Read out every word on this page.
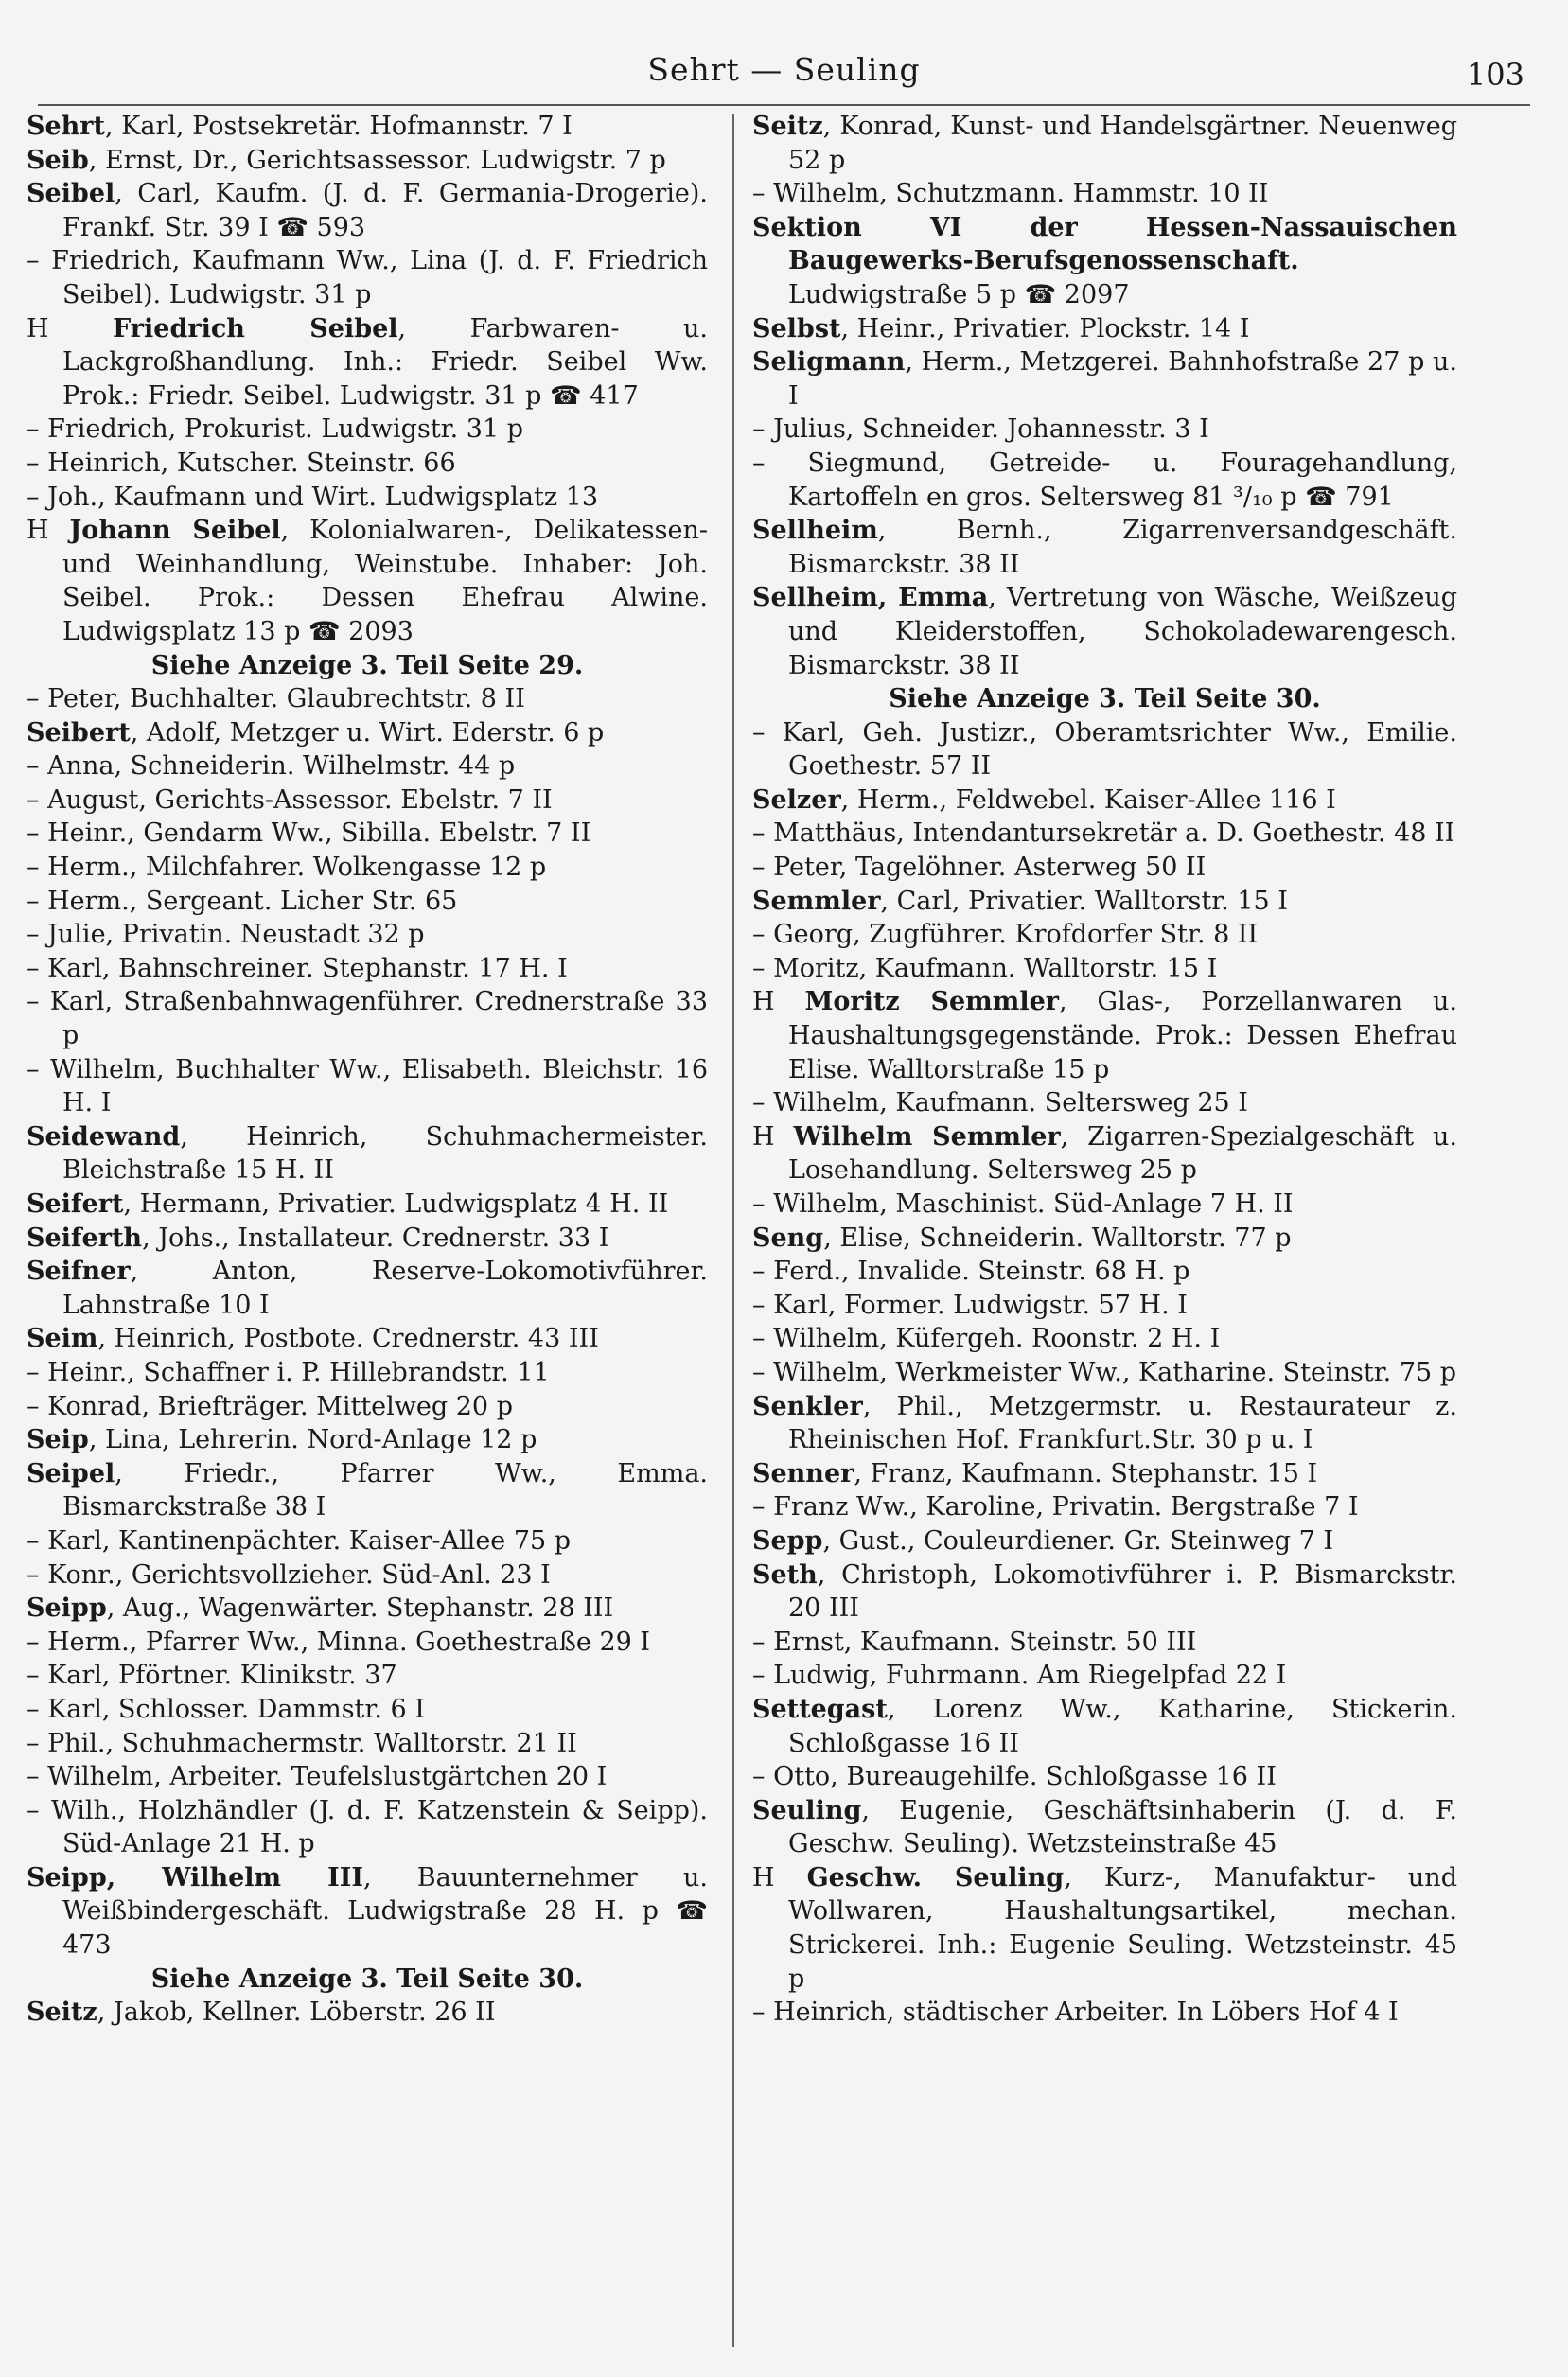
Sehrt — Seuling	103

Sehrt, Karl, Postsekretär. Hofmannstr. 7 I

Seib, Ernst, Dr., Gerichtsassessor. Ludwigstr. 7 p

Seibel, Carl, Kaufm. (J. d. F. Germania-Drogerie). Frankf. Str. 39 I ☎ 593

– Friedrich, Kaufmann Ww., Lina (J. d. F. Friedrich Seibel). Ludwigstr. 31 p

H Friedrich Seibel, Farbwaren- u. Lackgroßhandlung. Inh.: Friedr. Seibel Ww. Prok.: Friedr. Seibel. Ludwigstr. 31 p ☎ 417

– Friedrich, Prokurist. Ludwigstr. 31 p

– Heinrich, Kutscher. Steinstr. 66

– Joh., Kaufmann und Wirt. Ludwigsplatz 13

H Johann Seibel, Kolonialwaren-, Delikatessen- und Weinhandlung, Weinstube. Inhaber: Joh. Seibel. Prok.: Dessen Ehefrau Alwine. Ludwigsplatz 13 p ☎ 2093

Siehe Anzeige 3. Teil Seite 29.

– Peter, Buchhalter. Glaubrechtstr. 8 II

Seibert, Adolf, Metzger u. Wirt. Ederstr. 6 p

– Anna, Schneiderin. Wilhelmstr. 44 p

– August, Gerichts-Assessor. Ebelstr. 7 II

– Heinr., Gendarm Ww., Sibilla. Ebelstr. 7 II

– Herm., Milchfahrer. Wolkengasse 12 p

– Herm., Sergeant. Licher Str. 65

– Julie, Privatin. Neustadt 32 p

– Karl, Bahnschreiner. Stephanstr. 17 H. I

– Karl, Straßenbahnwagenführer. Crednerstraße 33 p

– Wilhelm, Buchhalter Ww., Elisabeth. Bleichstr. 16 H. I

Seidewand, Heinrich, Schuhmachermeister. Bleichstraße 15 H. II

Seifert, Hermann, Privatier. Ludwigsplatz 4 H. II

Seiferth, Johs., Installateur. Crednerstr. 33 I

Seifner, Anton, Reserve-Lokomotivführer. Lahnstraße 10 I

Seim, Heinrich, Postbote. Crednerstr. 43 III

– Heinr., Schaffner i. P. Hillebrandstr. 11

– Konrad, Briefträger. Mittelweg 20 p

Seip, Lina, Lehrerin. Nord-Anlage 12 p

Seipel, Friedr., Pfarrer Ww., Emma. Bismarckstraße 38 I

– Karl, Kantinenpächter. Kaiser-Allee 75 p

– Konr., Gerichtsvollzieher. Süd-Anl. 23 I

Seipp, Aug., Wagenwärter. Stephanstr. 28 III

– Herm., Pfarrer Ww., Minna. Goethestraße 29 I

– Karl, Pförtner. Klinikstr. 37

– Karl, Schlosser. Dammstr. 6 I

– Phil., Schuhmachermstr. Walltorstr. 21 II

– Wilhelm, Arbeiter. Teufelslustgärtchen 20 I

– Wilh., Holzhändler (J. d. F. Katzenstein & Seipp). Süd-Anlage 21 H. p

Seipp, Wilhelm III, Bauunternehmer u. Weißbindergeschäft. Ludwigstraße 28 H. p ☎ 473

Siehe Anzeige 3. Teil Seite 30.

Seitz, Jakob, Kellner. Löberstr. 26 II

Seitz, Konrad, Kunst- und Handelsgärtner. Neuenweg 52 p

– Wilhelm, Schutzmann. Hammstr. 10 II

Sektion VI der Hessen-Nassauischen Baugewerks-Berufsgenossenschaft. Ludwigstraße 5 p ☎ 2097

Selbst, Heinr., Privatier. Plockstr. 14 I

Seligmann, Herm., Metzgerei. Bahnhofstraße 27 p u. I

– Julius, Schneider. Johannesstr. 3 I

– Siegmund, Getreide- u. Fouragehandlung, Kartoffeln en gros. Seltersweg 81 ³/₁₀ p ☎ 791

Sellheim, Bernh., Zigarrenversandgeschäft. Bismarckstr. 38 II

Sellheim, Emma, Vertretung von Wäsche, Weißzeug und Kleiderstoffen, Schokoladewarengesch. Bismarckstr. 38 II

Siehe Anzeige 3. Teil Seite 30.

– Karl, Geh. Justizr., Oberamtsrichter Ww., Emilie. Goethestr. 57 II

Selzer, Herm., Feldwebel. Kaiser-Allee 116 I

– Matthäus, Intendantursekretär a. D. Goethestr. 48 II

– Peter, Tagelöhner. Asterweg 50 II

Semmler, Carl, Privatier. Walltorstr. 15 I

– Georg, Zugführer. Krofdorfer Str. 8 II

– Moritz, Kaufmann. Walltorstr. 15 I

H Moritz Semmler, Glas-, Porzellanwaren u. Haushaltungsgegenstände. Prok.: Dessen Ehefrau Elise. Walltorstraße 15 p

– Wilhelm, Kaufmann. Seltersweg 25 I

H Wilhelm Semmler, Zigarren-Spezialgeschäft u. Losehandlung. Seltersweg 25 p

– Wilhelm, Maschinist. Süd-Anlage 7 H. II

Seng, Elise, Schneiderin. Walltorstr. 77 p

– Ferd., Invalide. Steinstr. 68 H. p

– Karl, Former. Ludwigstr. 57 H. I

– Wilhelm, Küfergeh. Roonstr. 2 H. I

– Wilhelm, Werkmeister Ww., Katharine. Steinstr. 75 p

Senkler, Phil., Metzgermstr. u. Restaurateur z. Rheinischen Hof. Frankfurt.Str. 30 p u. I

Senner, Franz, Kaufmann. Stephanstr. 15 I

– Franz Ww., Karoline, Privatin. Bergstraße 7 I

Sepp, Gust., Couleurdiener. Gr. Steinweg 7 I

Seth, Christoph, Lokomotivführer i. P. Bismarckstr. 20 III

– Ernst, Kaufmann. Steinstr. 50 III

– Ludwig, Fuhrmann. Am Riegelpfad 22 I

Settegast, Lorenz Ww., Katharine, Stickerin. Schloßgasse 16 II

– Otto, Bureaugehilfe. Schloßgasse 16 II

Seuling, Eugenie, Geschäftsinhaberin (J. d. F. Geschw. Seuling). Wetzsteinstraße 45

H Geschw. Seuling, Kurz-, Manufaktur- und Wollwaren, Haushaltungsartikel, mechan. Strickerei. Inh.: Eugenie Seuling. Wetzsteinstr. 45 p

– Heinrich, städtischer Arbeiter. In Löbers Hof 4 I
